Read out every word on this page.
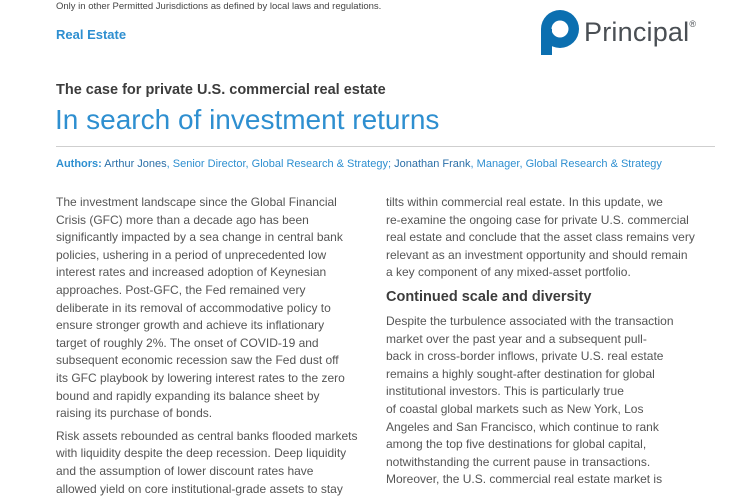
Only in other Permitted Jurisdictions as defined by local laws and regulations.
Real Estate	Principal®
The case for private U.S. commercial real estate
In search of investment returns
Authors: Arthur Jones, Senior Director, Global Research & Strategy; Jonathan Frank, Manager, Global Research & Strategy

The investment landscape since the Global Financial
Crisis (GFC) more than a decade ago has been
significantly impacted by a sea change in central bank
policies, ushering in a period of unprecedented low
interest rates and increased adoption of Keynesian
approaches. Post-GFC, the Fed remained very
deliberate in its removal of accommodative policy to
ensure stronger growth and achieve its inflationary
target of roughly 2%. The onset of COVID-19 and
subsequent economic recession saw the Fed dust off
its GFC playbook by lowering interest rates to the zero
bound and rapidly expanding its balance sheet by
raising its purchase of bonds.

Risk assets rebounded as central banks flooded markets
with liquidity despite the deep recession. Deep liquidity
and the assumption of lower discount rates have
allowed yield on core institutional-grade assets to stay

tilts within commercial real estate. In this update, we
re-examine the ongoing case for private U.S. commercial
real estate and conclude that the asset class remains very
relevant as an investment opportunity and should remain
a key component of any mixed-asset portfolio.

Continued scale and diversity

Despite the turbulence associated with the transaction
market over the past year and a subsequent pull-
back in cross-border inflows, private U.S. real estate
remains a highly sought-after destination for global
institutional investors. This is particularly true
of coastal global markets such as New York, Los
Angeles and San Francisco, which continue to rank
among the top five destinations for global capital,
notwithstanding the current pause in transactions.
Moreover, the U.S. commercial real estate market is
